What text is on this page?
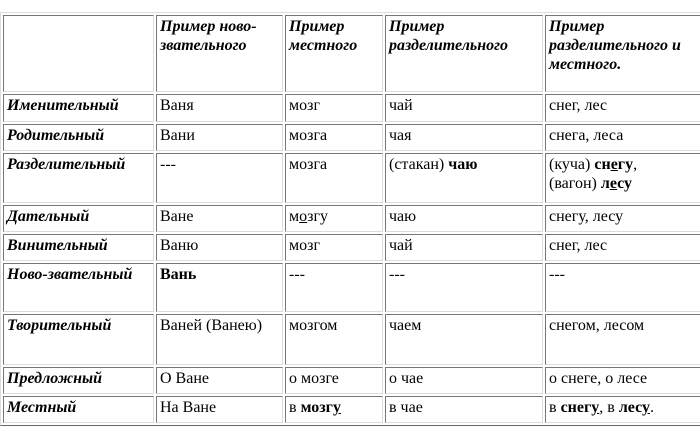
	Пример ново-звательного	Пример местного	Пример разделительного	Пример разделительного и местного.
Именительный	Ваня	мозг	чай	снег, лес
Родительный	Вани	мозга	чая	снега, леса
Разделительный	---	мозга	(стакан) чаю	(куча) снегу,
(вагон) лесу
Дательный	Ване	мозгу	чаю	снегу, лесу
Винительный	Ваню	мозг	чай	снег, лес
Ново-звательный	Вань	---	---	---
Творительный	Ваней (Ванею)	мозгом	чаем	снегом, лесом
Предложный	О Ване	о мозге	о чае	о снеге, о лесе
Местный	На Ване	в мозгу	в чае	в снегу, в лесу.
